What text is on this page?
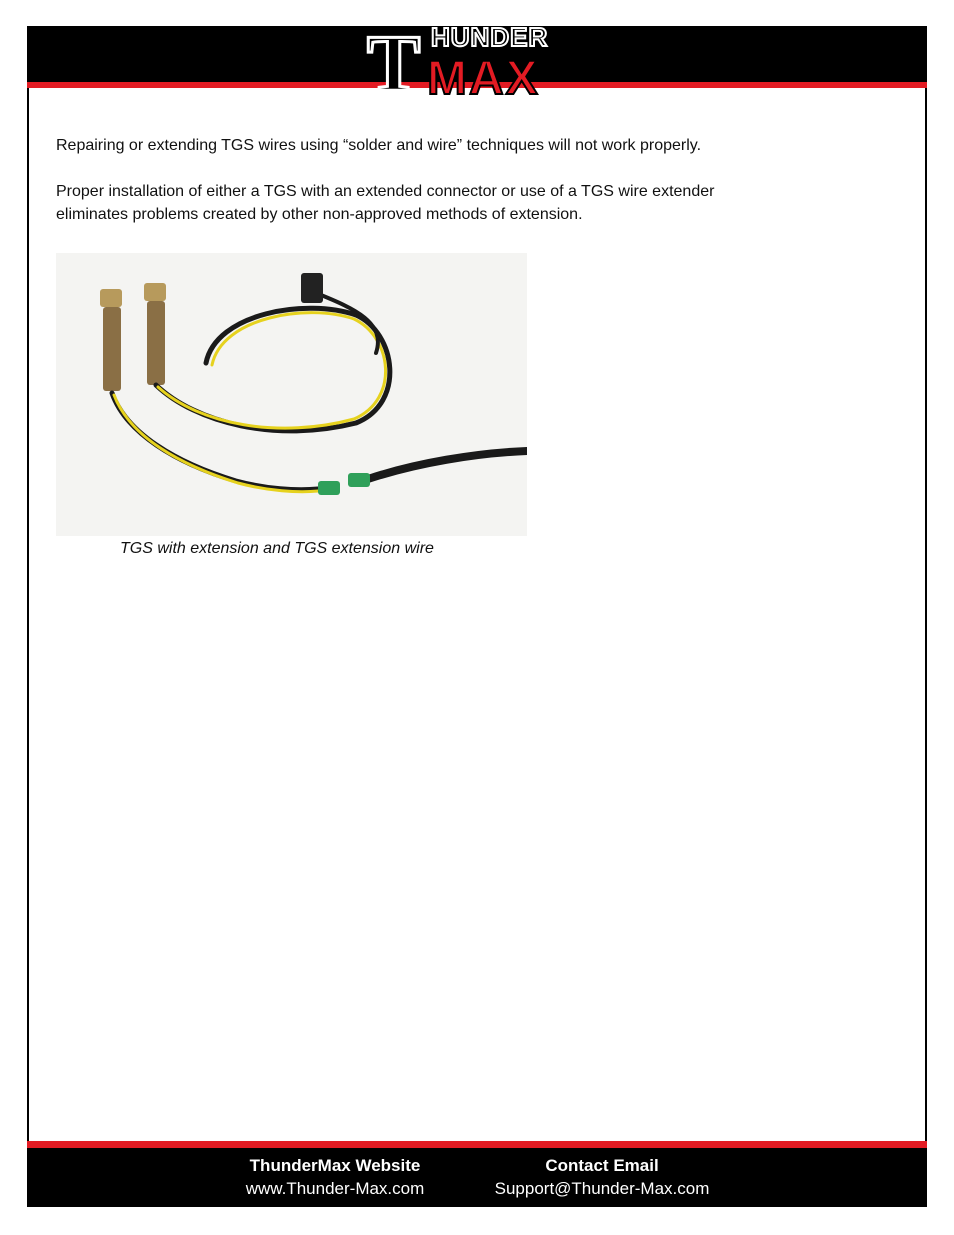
T HUNDER
MAX

Repairing or extending TGS wires using “solder and wire” techniques will not work properly.

Proper installation of either a TGS with an extended connector or use of a TGS wire extender eliminates problems created by other non-approved methods of extension.

TGS with extension and TGS extension wire
ThunderMax Website
www.Thunder-Max.com
Contact Email
Support@Thunder-Max.com
